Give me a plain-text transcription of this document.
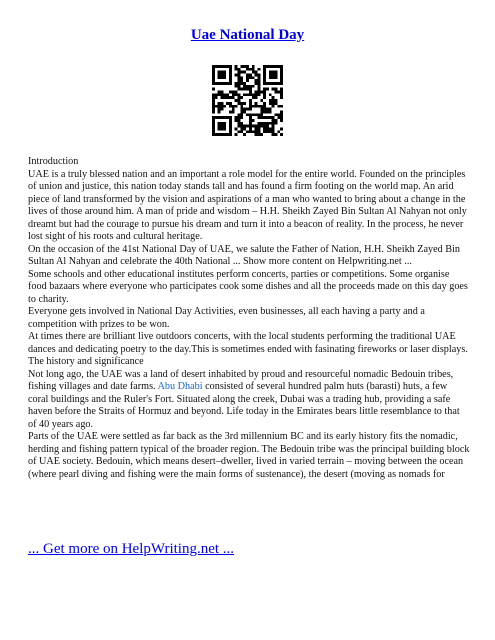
Uae National Day

Introduction

UAE is a truly blessed nation and an important a role model for the entire world. Founded on the principles of union and justice, this nation today stands tall and has found a firm footing on the world map. An arid piece of land transformed by the vision and aspirations of a man who wanted to bring about a change in the lives of those around him. A man of pride and wisdom – H.H. Sheikh Zayed Bin Sultan Al Nahyan not only dreamt but had the courage to pursue his dream and turn it into a beacon of reality. In the process, he never lost sight of his roots and cultural heritage.

On the occasion of the 41st National Day of UAE, we salute the Father of Nation, H.H. Sheikh Zayed Bin Sultan Al Nahyan and celebrate the 40th National ... Show more content on Helpwriting.net ...

Some schools and other educational institutes perform concerts, parties or competitions. Some organise food bazaars where everyone who participates cook some dishes and all the proceeds made on this day goes to charity.

Everyone gets involved in National Day Activities, even businesses, all each having a party and a competition with prizes to be won.

At times there are brilliant live outdoors concerts, with the local students performing the traditional UAE dances and dedicating poetry to the day.This is sometimes ended with fasinating fireworks or laser displays.

The history and significance

Not long ago, the UAE was a land of desert inhabited by proud and resourceful nomadic Bedouin tribes, fishing villages and date farms. Abu Dhabi consisted of several hundred palm huts (barasti) huts, a few coral buildings and the Ruler's Fort. Situated along the creek, Dubai was a trading hub, providing a safe haven before the Straits of Hormuz and beyond. Life today in the Emirates bears little resemblance to that of 40 years ago.

Parts of the UAE were settled as far back as the 3rd millennium BC and its early history fits the nomadic, herding and fishing pattern typical of the broader region. The Bedouin tribe was the principal building block of UAE society. Bedouin, which means desert–dweller, lived in varied terrain – moving between the ocean (where pearl diving and fishing were the main forms of sustenance), the desert (moving as nomads for

... Get more on HelpWriting.net ...
